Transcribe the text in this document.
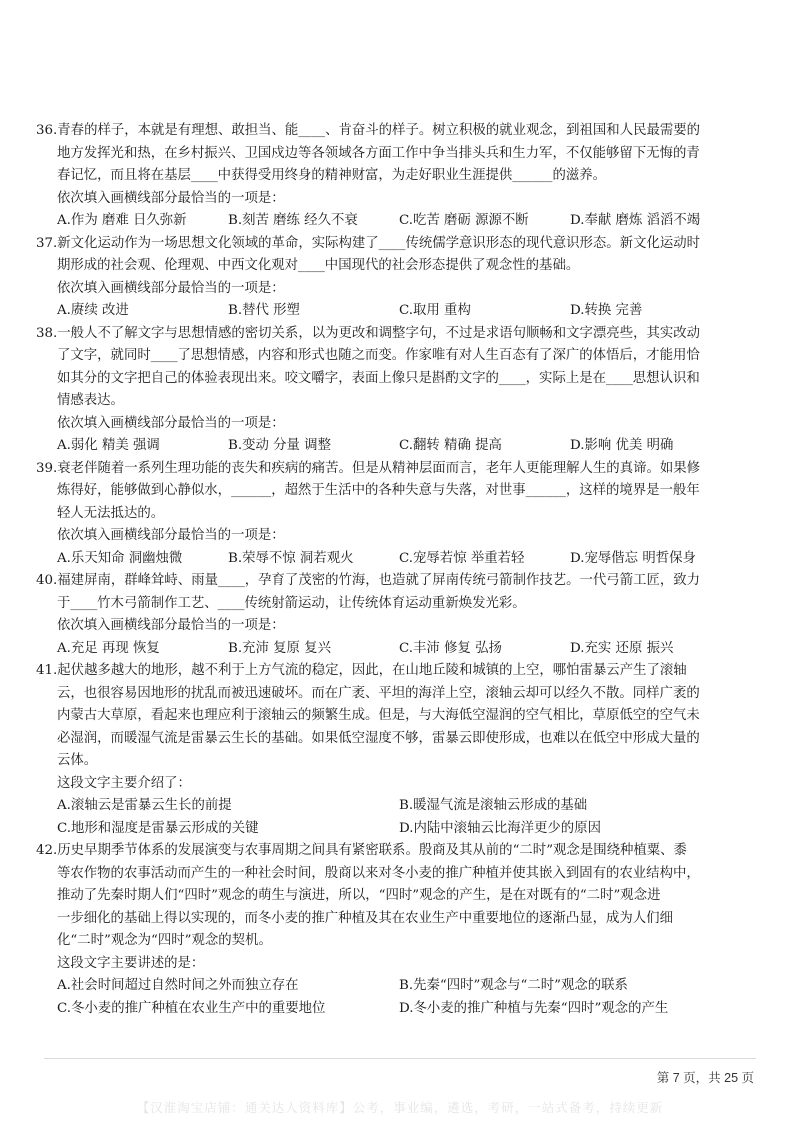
36.青春的样子，本就是有理想、敢担当、能____、肯奋斗的样子。树立积极的就业观念，到祖国和人民最需要的

地方发挥光和热，在乡村振兴、卫国戍边等各领域各方面工作中争当排头兵和生力军，不仅能够留下无悔的青

春记忆，而且将在基层____中获得受用终身的精神财富，为走好职业生涯提供______的滋养。

依次填入画横线部分最恰当的一项是：

A.作为 磨难 日久弥新	B.刻苦 磨练 经久不衰	C.吃苦 磨砺 源源不断	D.奉献 磨炼 滔滔不竭

37.新文化运动作为一场思想文化领域的革命，实际构建了____传统儒学意识形态的现代意识形态。新文化运动时

期形成的社会观、伦理观、中西文化观对____中国现代的社会形态提供了观念性的基础。

依次填入画横线部分最恰当的一项是：

A.赓续 改进	B.替代 形塑	C.取用 重构	D.转换 完善

38.一般人不了解文字与思想情感的密切关系，以为更改和调整字句，不过是求语句顺畅和文字漂亮些，其实改动

了文字，就同时____了思想情感，内容和形式也随之而变。作家唯有对人生百态有了深广的体悟后，才能用恰

如其分的文字把自己的体验表现出来。咬文嚼字，表面上像只是斟酌文字的____，实际上是在____思想认识和

情感表达。

依次填入画横线部分最恰当的一项是：

A.弱化 精美 强调	B.变动 分量 调整	C.翻转 精确 提高	D.影响 优美 明确

39.衰老伴随着一系列生理功能的丧失和疾病的痛苦。但是从精神层面而言，老年人更能理解人生的真谛。如果修

炼得好，能够做到心静似水，______，超然于生活中的各种失意与失落，对世事______，这样的境界是一般年

轻人无法抵达的。

依次填入画横线部分最恰当的一项是：

A.乐天知命 洞幽烛微	B.荣辱不惊 洞若观火	C.宠辱若惊 举重若轻	D.宠辱偕忘 明哲保身

40.福建屏南，群峰耸峙、雨量____，孕育了茂密的竹海，也造就了屏南传统弓箭制作技艺。一代弓箭工匠，致力

于____竹木弓箭制作工艺、____传统射箭运动，让传统体育运动重新焕发光彩。

依次填入画横线部分最恰当的一项是：

A.充足 再现 恢复	B.充沛 复原 复兴	C.丰沛 修复 弘扬	D.充实 还原 振兴

41.起伏越多越大的地形，越不利于上方气流的稳定，因此，在山地丘陵和城镇的上空，哪怕雷暴云产生了滚轴

云，也很容易因地形的扰乱而被迅速破坏。而在广袤、平坦的海洋上空，滚轴云却可以经久不散。同样广袤的

内蒙古大草原，看起来也理应利于滚轴云的频繁生成。但是，与大海低空湿润的空气相比，草原低空的空气未

必湿润，而暖湿气流是雷暴云生长的基础。如果低空湿度不够，雷暴云即使形成，也难以在低空中形成大量的

云体。

这段文字主要介绍了：

A.滚轴云是雷暴云生长的前提	B.暖湿气流是滚轴云形成的基础
C.地形和湿度是雷暴云形成的关键	D.内陆中滚轴云比海洋更少的原因

42.历史早期季节体系的发展演变与农事周期之间具有紧密联系。殷商及其从前的“二时”观念是围绕种植粟、黍

等农作物的农事活动而产生的一种社会时间，殷商以来对冬小麦的推广种植并使其嵌入到固有的农业结构中，

推动了先秦时期人们“四时”观念的萌生与演进，所以，“四时”观念的产生，是在对既有的“二时”观念进

一步细化的基础上得以实现的，而冬小麦的推广种植及其在农业生产中重要地位的逐渐凸显，成为人们细

化“二时”观念为“四时”观念的契机。

这段文字主要讲述的是：

A.社会时间超过自然时间之外而独立存在	B.先秦“四时”观念与“二时”观念的联系
C.冬小麦的推广种植在农业生产中的重要地位	D.冬小麦的推广种植与先秦“四时”观念的产生
第 7 页，共 25 页
【汉淮淘宝店铺：通关达人资料库】公考，事业编，遴选，考研，一站式备考，持续更新
